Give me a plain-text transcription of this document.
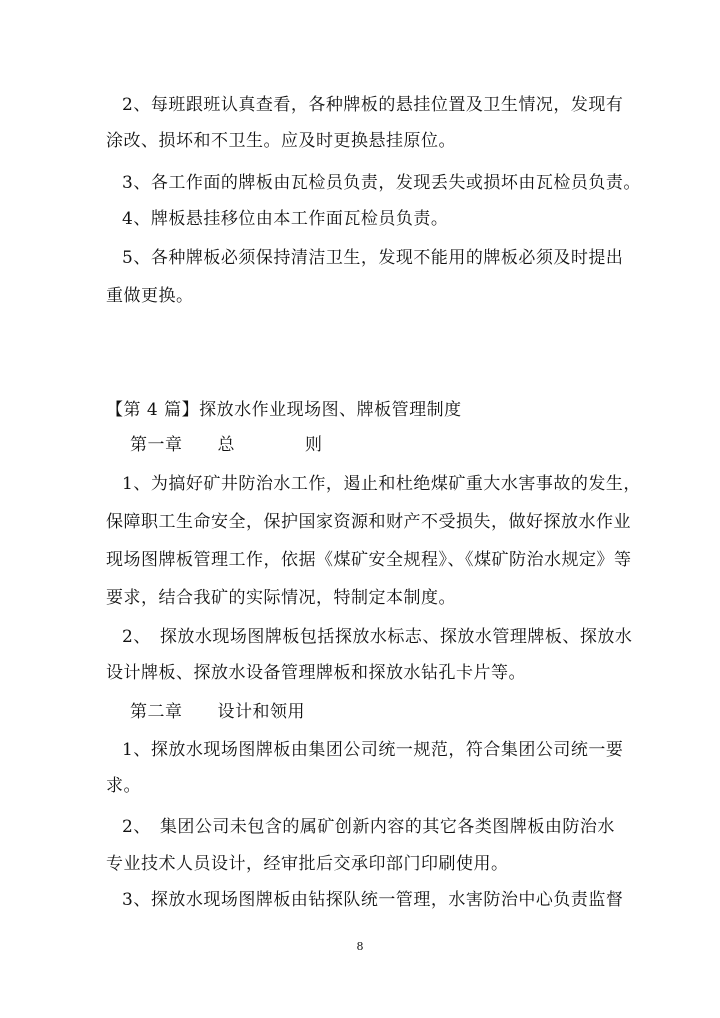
2、每班跟班认真查看，各种牌板的悬挂位置及卫生情况，发现有
涂改、损坏和不卫生。应及时更换悬挂原位。
3、各工作面的牌板由瓦检员负责，发现丢失或损坏由瓦检员负责。
4、牌板悬挂移位由本工作面瓦检员负责。
5、各种牌板必须保持清洁卫生，发现不能用的牌板必须及时提出
重做更换。
【第 4 篇】探放水作业现场图、牌板管理制度
第一章　　总　　　　则
1、为搞好矿井防治水工作，遏止和杜绝煤矿重大水害事故的发生，
保障职工生命安全，保护国家资源和财产不受损失，做好探放水作业
现场图牌板管理工作，依据《煤矿安全规程》、《煤矿防治水规定》等
要求，结合我矿的实际情况，特制定本制度。
2、　探放水现场图牌板包括探放水标志、探放水管理牌板、探放水
设计牌板、探放水设备管理牌板和探放水钻孔卡片等。
第二章　　设计和领用
1、探放水现场图牌板由集团公司统一规范，符合集团公司统一要
求。
2、　集团公司未包含的属矿创新内容的其它各类图牌板由防治水
专业技术人员设计，经审批后交承印部门印刷使用。
3、探放水现场图牌板由钻探队统一管理，水害防治中心负责监督
8
